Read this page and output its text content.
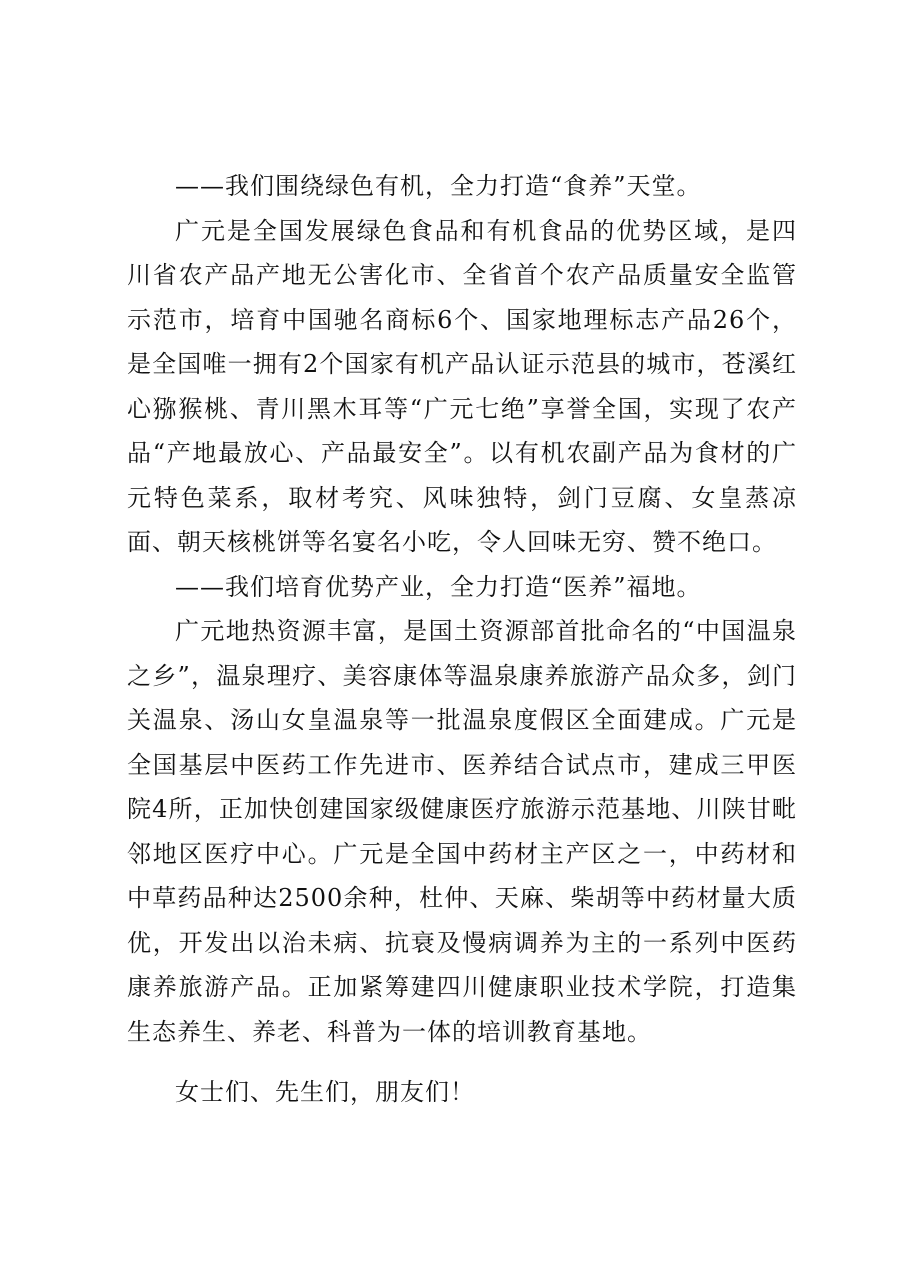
——我们围绕绿色有机，全力打造“食养”天堂。

广元是全国发展绿色食品和有机食品的优势区域，是四川省农产品产地无公害化市、全省首个农产品质量安全监管示范市，培育中国驰名商标6个、国家地理标志产品26个，是全国唯一拥有2个国家有机产品认证示范县的城市，苍溪红心猕猴桃、青川黑木耳等“广元七绝”享誉全国，实现了农产品“产地最放心、产品最安全”。以有机农副产品为食材的广元特色菜系，取材考究、风味独特，剑门豆腐、女皇蒸凉面、朝天核桃饼等名宴名小吃，令人回味无穷、赞不绝口。

——我们培育优势产业，全力打造“医养”福地。

广元地热资源丰富，是国土资源部首批命名的“中国温泉之乡”，温泉理疗、美容康体等温泉康养旅游产品众多，剑门关温泉、汤山女皇温泉等一批温泉度假区全面建成。广元是全国基层中医药工作先进市、医养结合试点市，建成三甲医院4所，正加快创建国家级健康医疗旅游示范基地、川陕甘毗邻地区医疗中心。广元是全国中药材主产区之一，中药材和中草药品种达2500余种，杜仲、天麻、柴胡等中药材量大质优，开发出以治未病、抗衰及慢病调养为主的一系列中医药康养旅游产品。正加紧筹建四川健康职业技术学院，打造集生态养生、养老、科普为一体的培训教育基地。

女士们、先生们，朋友们！
